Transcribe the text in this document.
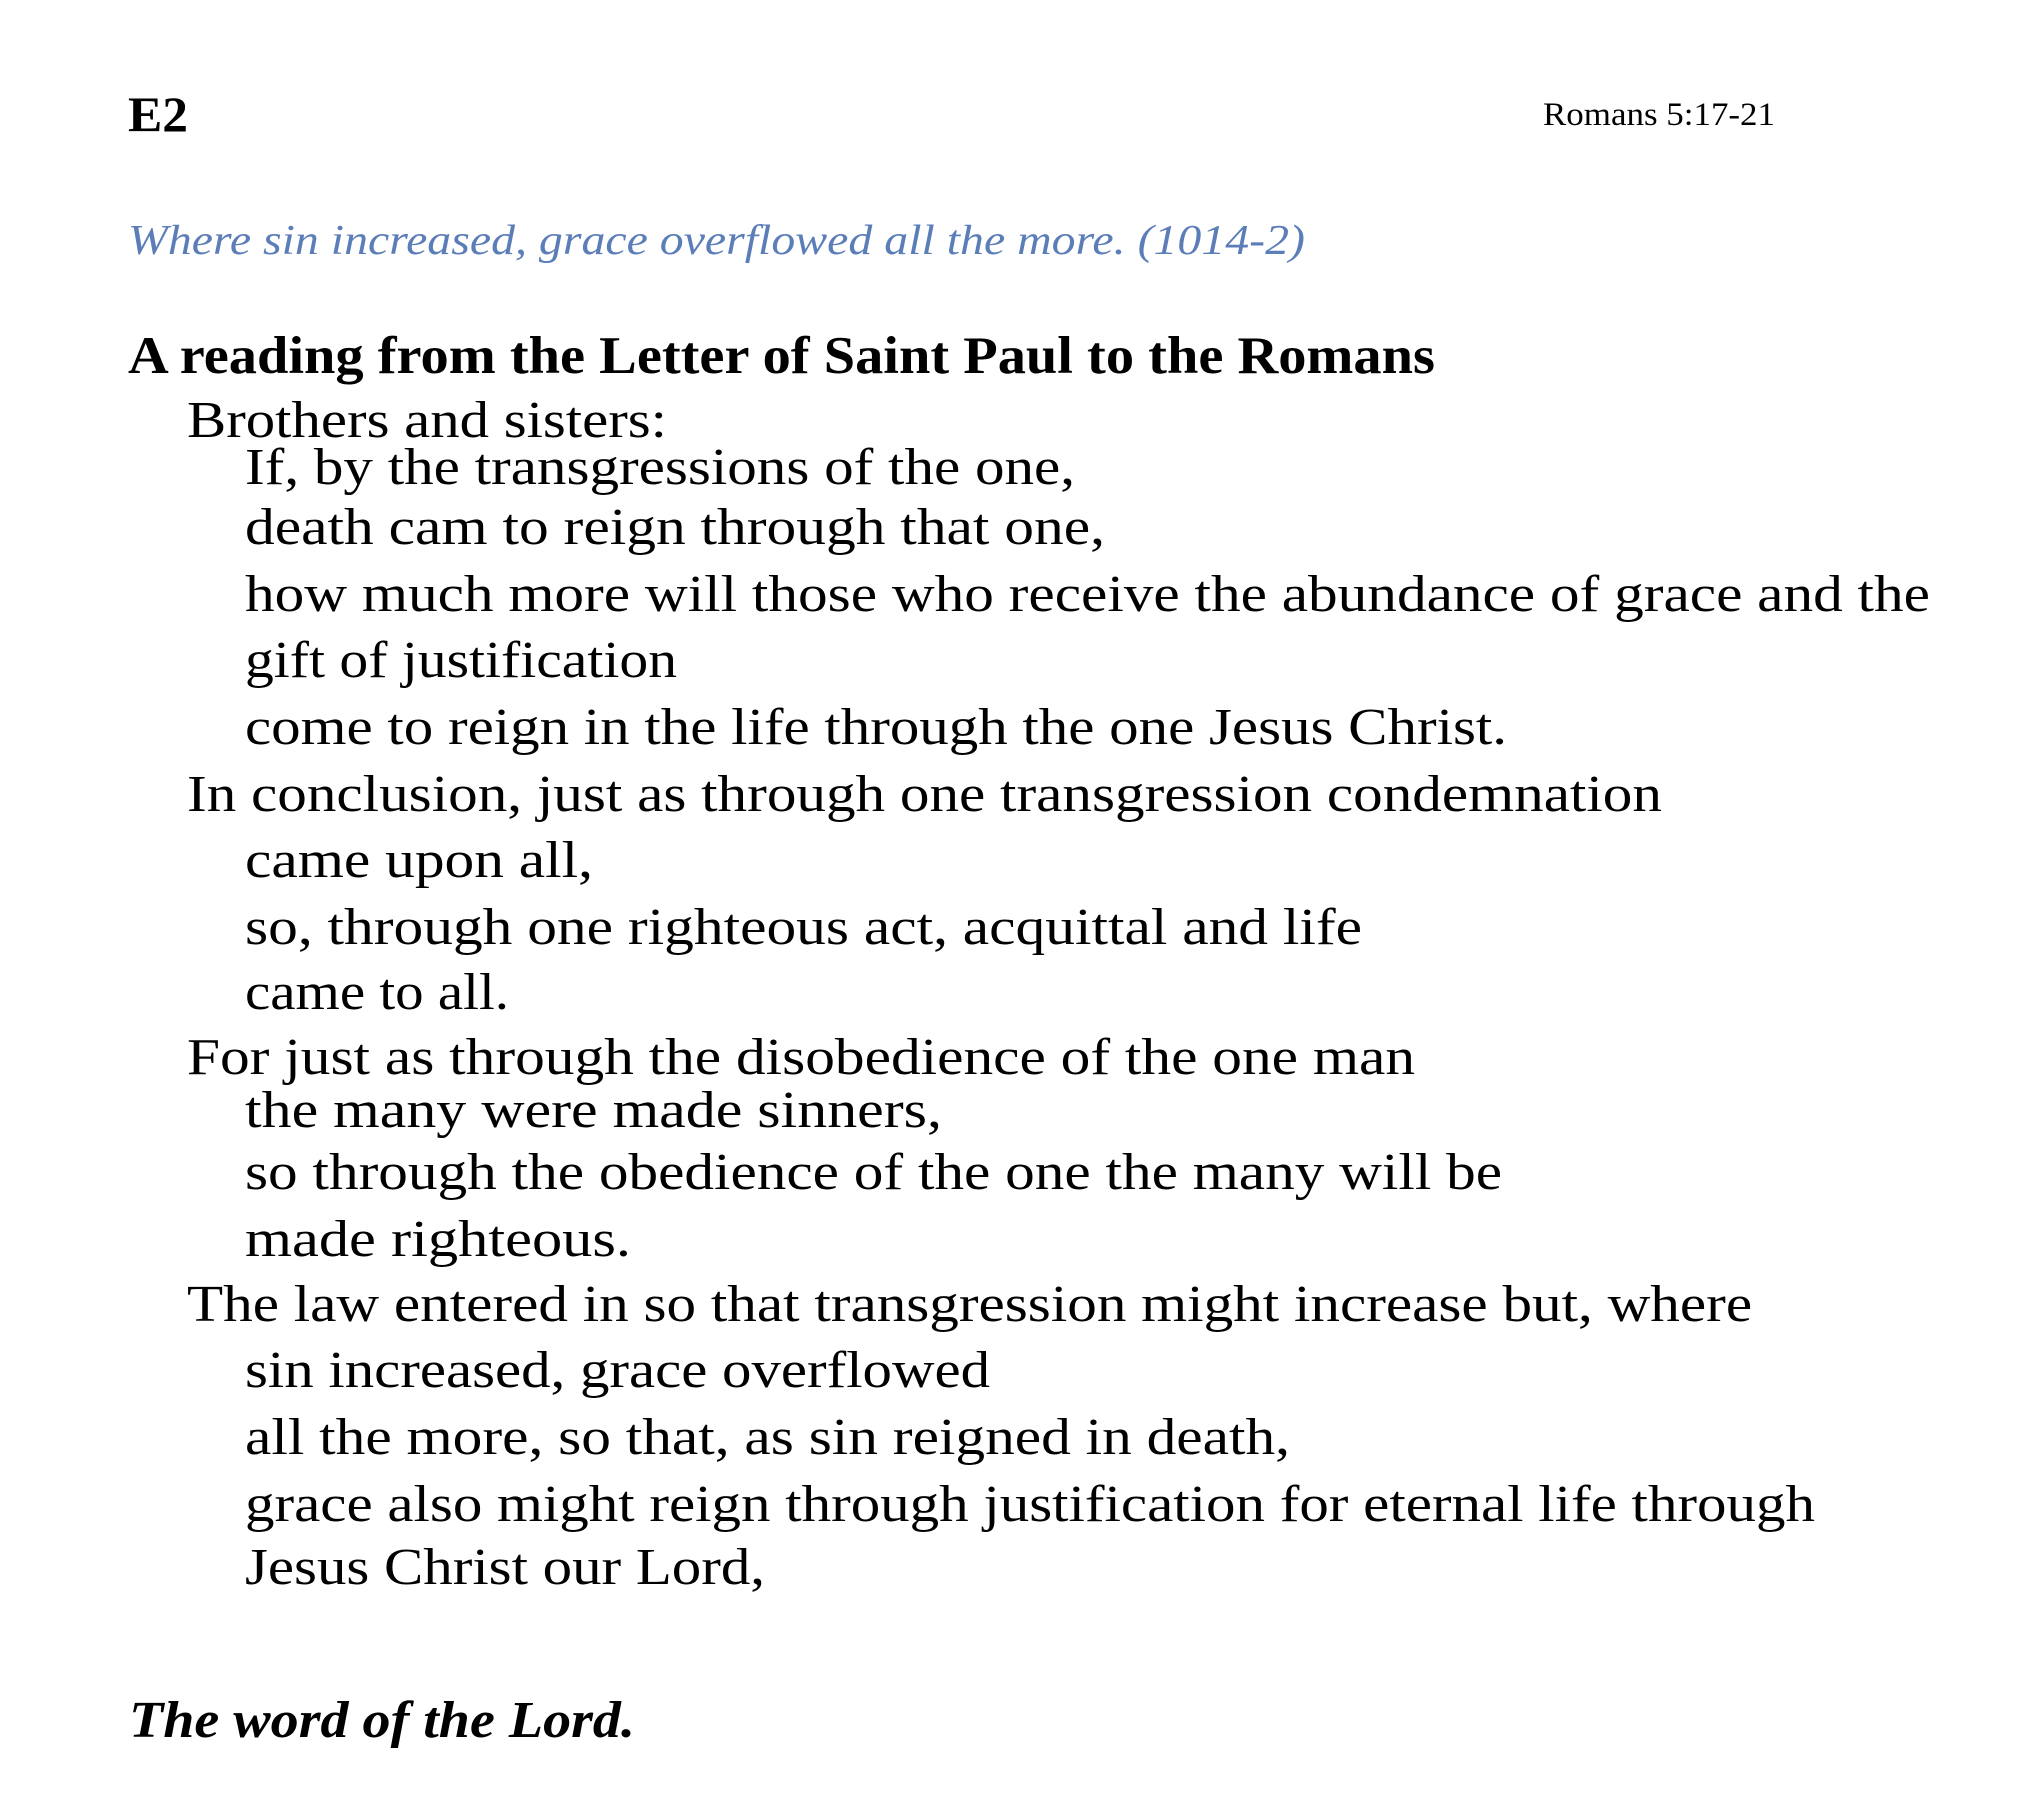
E2	Romans 5:17-21
Where sin increased, grace overflowed all the more. (1014-2)
A reading from the Letter of Saint Paul to the Romans
Brothers and sisters:
If, by the transgressions of the one,
death cam to reign through that one,
how much more will those who receive the abundance of grace and the
gift of justification
come to reign in the life through the one Jesus Christ.
In conclusion, just as through one transgression condemnation
came upon all,
so, through one righteous act, acquittal and life
came to all.
For just as through the disobedience of the one man
the many were made sinners,
so through the obedience of the one the many will be
made righteous.
The law entered in so that transgression might increase but, where
sin increased, grace overflowed
all the more, so that, as sin reigned in death,
grace also might reign through justification for eternal life through
Jesus Christ our Lord,
The word of the Lord.
